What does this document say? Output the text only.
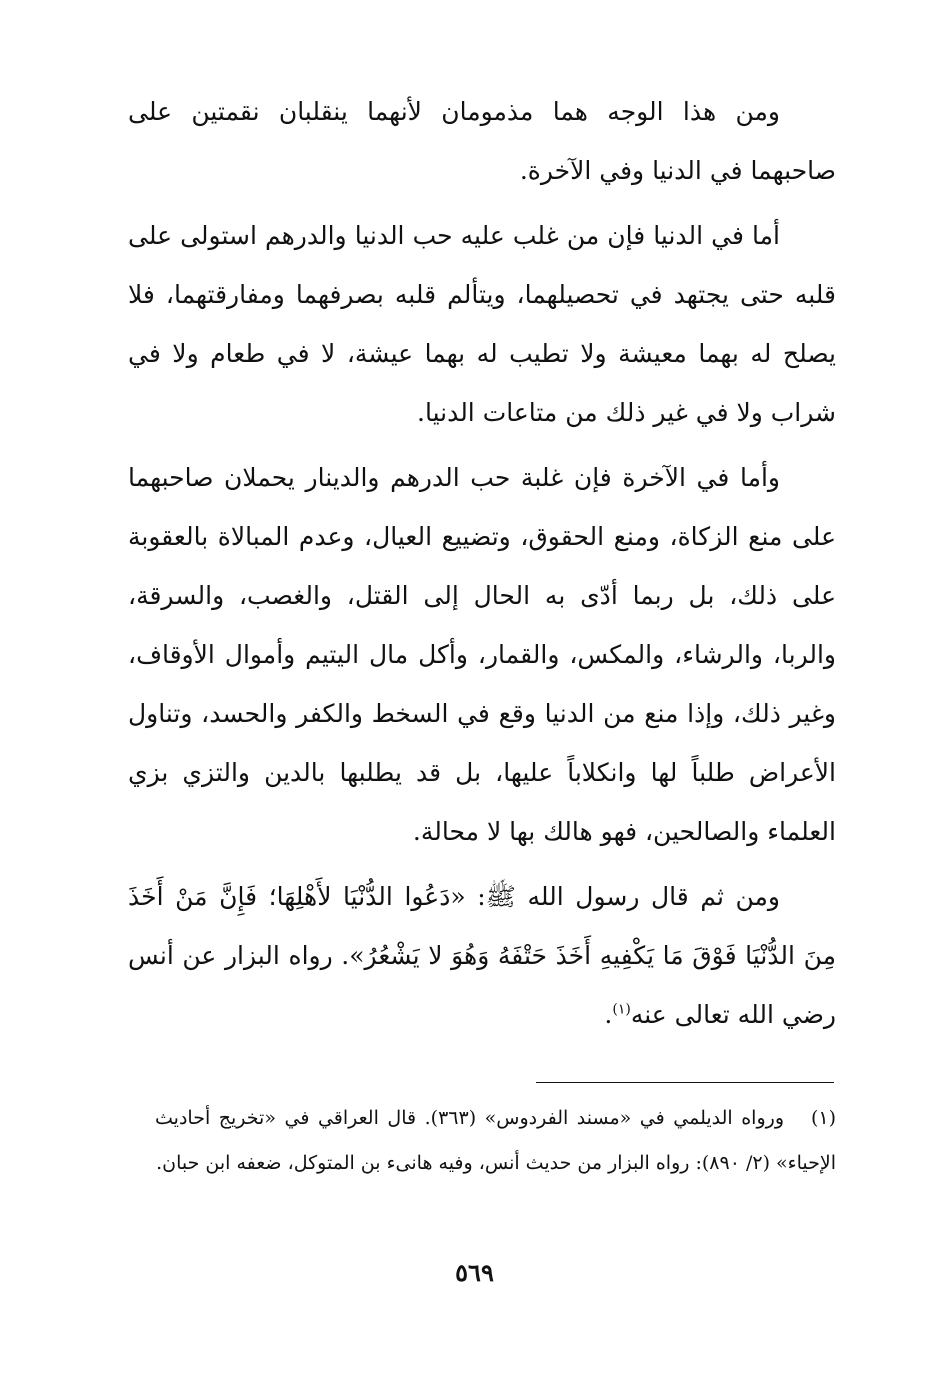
ومن هذا الوجه هما مذمومان لأنهما ينقلبان نقمتين على صاحبهما في الدنيا وفي الآخرة.

أما في الدنيا فإن من غلب عليه حب الدنيا والدرهم استولى على قلبه حتى يجتهد في تحصيلهما، ويتألم قلبه بصرفهما ومفارقتهما، فلا يصلح له بهما معيشة ولا تطيب له بهما عيشة، لا في طعام ولا في شراب ولا في غير ذلك من متاعات الدنيا.

وأما في الآخرة فإن غلبة حب الدرهم والدينار يحملان صاحبهما على منع الزكاة، ومنع الحقوق، وتضييع العيال، وعدم المبالاة بالعقوبة على ذلك، بل ربما أدّى به الحال إلى القتل، والغصب، والسرقة، والربا، والرشاء، والمكس، والقمار، وأكل مال اليتيم وأموال الأوقاف، وغير ذلك، وإذا منع من الدنيا وقع في السخط والكفر والحسد، وتناول الأعراض طلباً لها وانكلاباً عليها، بل قد يطلبها بالدين والتزي بزي العلماء والصالحين، فهو هالك بها لا محالة.

ومن ثم قال رسول الله ﷺ: «دَعُوا الدُّنْيَا لأَهْلِهَا؛ فَإِنَّ مَنْ أَخَذَ مِنَ الدُّنْيَا فَوْقَ مَا يَكْفِيهِ أَخَذَ حَتْفَهُ وَهُوَ لا يَشْعُرُ». رواه البزار عن أنس رضي الله تعالى عنه$^{(١)}$.

(١)ورواه الديلمي في «مسند الفردوس» (٣٦٣). قال العراقي في «تخريج أحاديث الإحياء» (٢/ ٨٩٠): رواه البزار من حديث أنس، وفيه هانىء بن المتوكل، ضعفه ابن حبان.
٥٦٩
